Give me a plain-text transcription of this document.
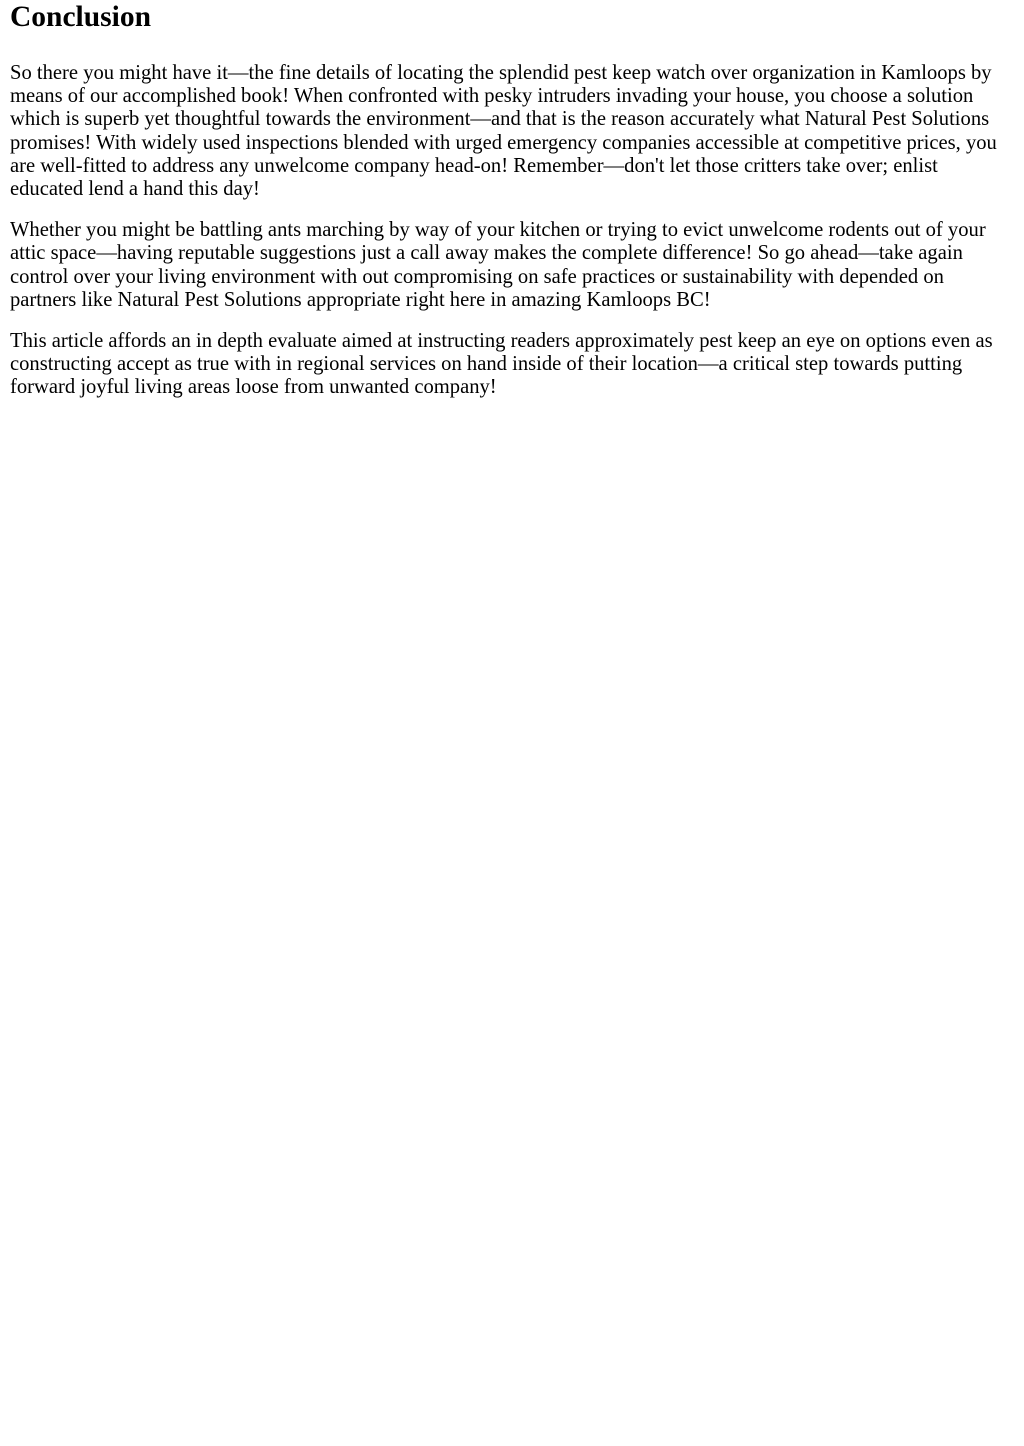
Conclusion

So there you might have it—the fine details of locating the splendid pest keep watch over organization in Kamloops by means of our accomplished book! When confronted with pesky intruders invading your house, you choose a solution which is superb yet thoughtful towards the environment—and that is the reason accurately what Natural Pest Solutions promises! With widely used inspections blended with urged emergency companies accessible at competitive prices, you are well-fitted to address any unwelcome company head-on! Remember—don't let those critters take over; enlist educated lend a hand this day!

Whether you might be battling ants marching by way of your kitchen or trying to evict unwelcome rodents out of your attic space—having reputable suggestions just a call away makes the complete difference! So go ahead—take again control over your living environment with out compromising on safe practices or sustainability with depended on partners like Natural Pest Solutions appropriate right here in amazing Kamloops BC!

This article affords an in depth evaluate aimed at instructing readers approximately pest keep an eye on options even as constructing accept as true with in regional services on hand inside of their location—a critical step towards putting forward joyful living areas loose from unwanted company!
